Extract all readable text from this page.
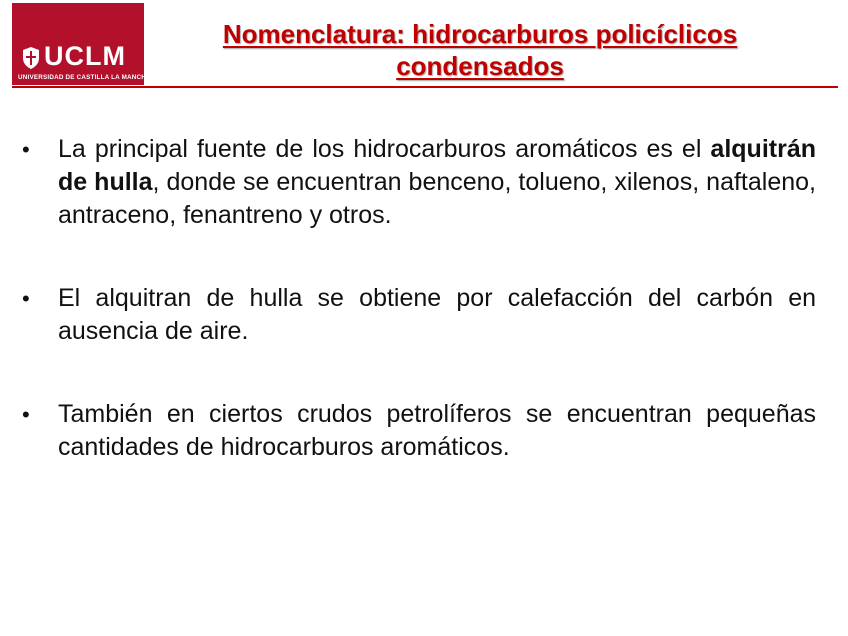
UCLM
UNIVERSIDAD DE CASTILLA LA MANCHA
Nomenclatura: hidrocarburos policíclicos condensados
•	La principal fuente de los hidrocarburos aromáticos es el alquitrán de hulla, donde se encuentran benceno, tolueno, xilenos, naftaleno, antraceno, fenantreno y otros.
•	El alquitran de hulla se obtiene por calefacción del carbón en ausencia de aire.
•	También en ciertos crudos petrolíferos se encuentran pequeñas cantidades de hidrocarburos aromáticos.
